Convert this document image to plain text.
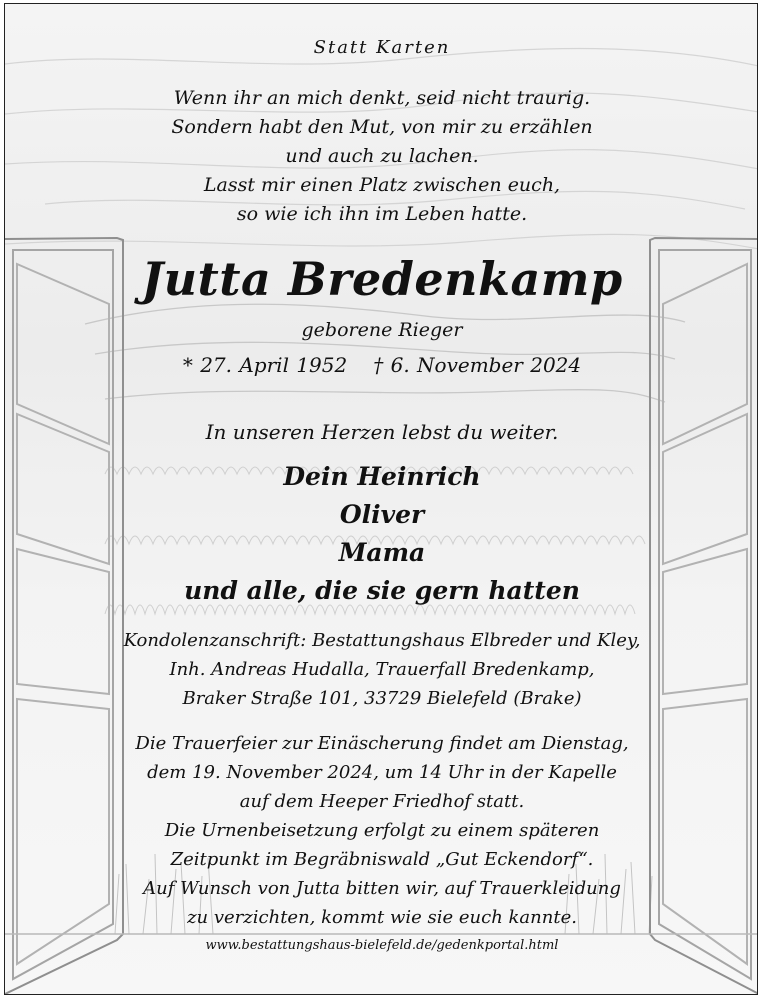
Statt Karten
Wenn ihr an mich denkt, seid nicht traurig.
Sondern habt den Mut, von mir zu erzählen
und auch zu lachen.
Lasst mir einen Platz zwischen euch,
so wie ich ihn im Leben hatte.
Jutta Bredenkamp
geborene Rieger
* 27. April 1952 † 6. November 2024
In unseren Herzen lebst du weiter.
Dein Heinrich
Oliver
Mama
und alle, die sie gern hatten
Kondolenzanschrift: Bestattungshaus Elbreder und Kley,
Inh. Andreas Hudalla, Trauerfall Bredenkamp,
Braker Straße 101, 33729 Bielefeld (Brake)
Die Trauerfeier zur Einäscherung findet am Dienstag,
dem 19. November 2024, um 14 Uhr in der Kapelle
auf dem Heeper Friedhof statt.
Die Urnenbeisetzung erfolgt zu einem späteren
Zeitpunkt im Begräbniswald „Gut Eckendorf“.
Auf Wunsch von Jutta bitten wir, auf Trauerkleidung
zu verzichten, kommt wie sie euch kannte.
www.bestattungshaus-bielefeld.de/gedenkportal.html
